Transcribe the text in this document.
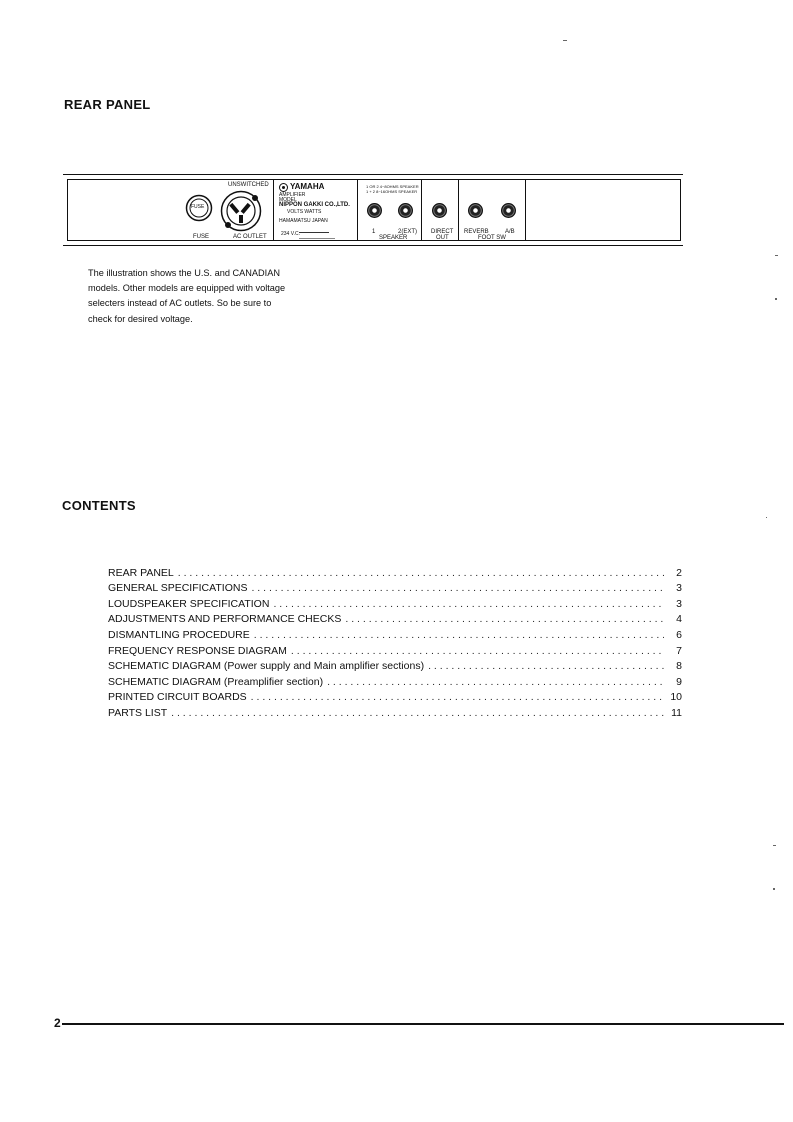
REAR PANEL
FUSE
FUSE
UNSWITCHED
AC OUTLET
YAMAHA
AMPLIFIER
MODEL
NIPPON GAKKI CO.,LTD.
VOLTS WATTS
HAMAMATSU JAPAN
234 V.C.
1 OR 2 4~8OHMS SPEAKER
1 + 2 8~16OHMS SPEAKER
1	2(EXT)
SPEAKER
DIRECT
OUT
REVERB	A/B
FOOT SW

The illustration shows the U.S. and CANADIAN

models. Other models are equipped with voltage

selecters instead of AC outlets. So be sure to

check for desired voltage.

CONTENTS
REAR PANEL . . .	2
GENERAL SPECIFICATIONS . . .	3
LOUDSPEAKER SPECIFICATION . . .	3
ADJUSTMENTS AND PERFORMANCE CHECKS . . .	4
DISMANTLING PROCEDURE . . .	6
FREQUENCY RESPONSE DIAGRAM . . .	7
SCHEMATIC DIAGRAM (Power supply and Main amplifier sections) . . .	8
SCHEMATIC DIAGRAM (Preamplifier section) . . .	9
PRINTED CIRCUIT BOARDS . . .	10
PARTS LIST . . .	11
2
